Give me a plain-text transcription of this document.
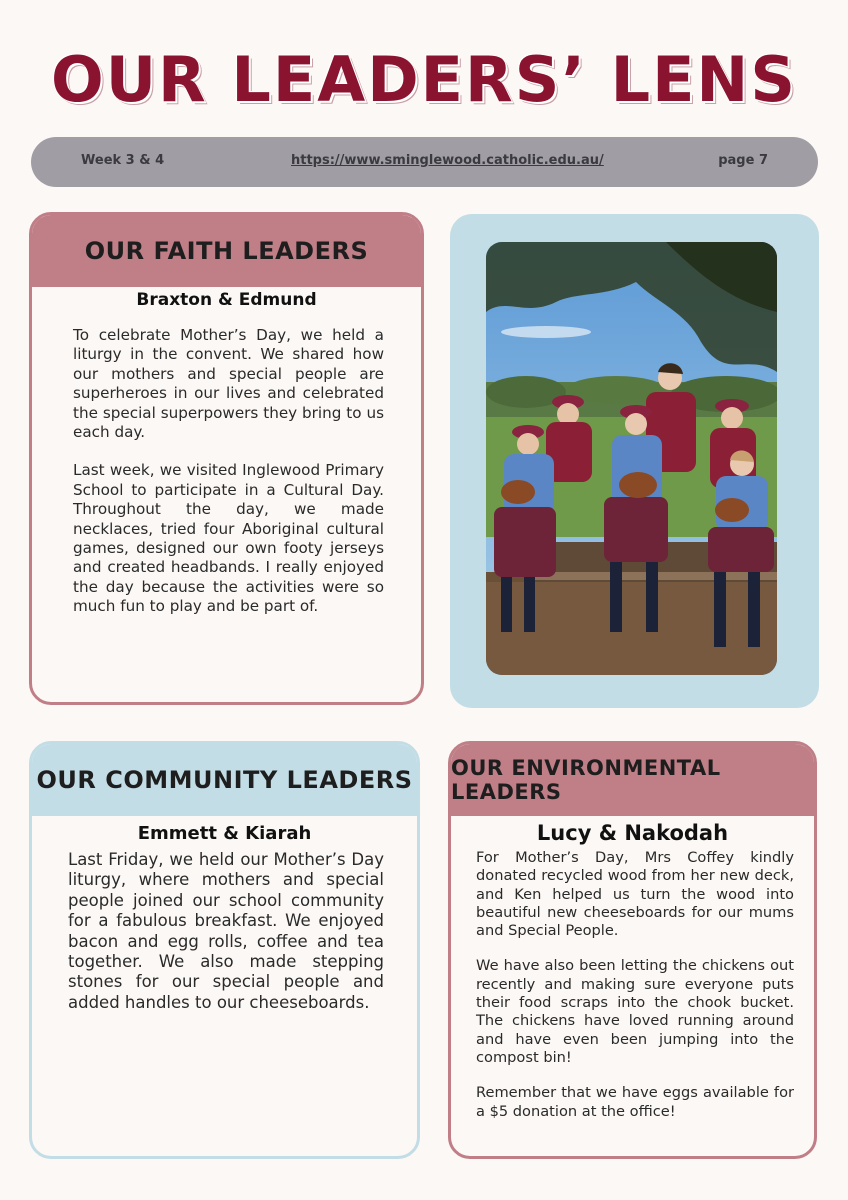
OUR LEADERS’ LENS
Week 3 & 4	https://www.sminglewood.catholic.edu.au/	page 7
OUR FAITH LEADERS
Braxton & Edmund

To celebrate Mother’s Day, we held a liturgy in the convent. We shared how our mothers and special people are superheroes in our lives and celebrated the special superpowers they bring to us each day.

Last week, we visited Inglewood Primary School to participate in a Cultural Day. Throughout the day, we made necklaces, tried four Aboriginal cultural games, designed our own footy jerseys and created headbands. I really enjoyed the day because the activities were so much fun to play and be part of.

OUR COMMUNITY LEADERS
Emmett & Kiarah

Last Friday, we held our Mother’s Day liturgy, where mothers and special people joined our school community for a fabulous breakfast. We enjoyed bacon and egg rolls, coffee and tea together. We also made stepping stones for our special people and added handles to our cheeseboards.

OUR ENVIRONMENTAL LEADERS
Lucy & Nakodah

For Mother’s Day, Mrs Coffey kindly donated recycled wood from her new deck, and Ken helped us turn the wood into beautiful new cheeseboards for our mums and Special People.

We have also been letting the chickens out recently and making sure everyone puts their food scraps into the chook bucket. The chickens have loved running around and have even been jumping into the compost bin!

Remember that we have eggs available for a $5 donation at the office!
